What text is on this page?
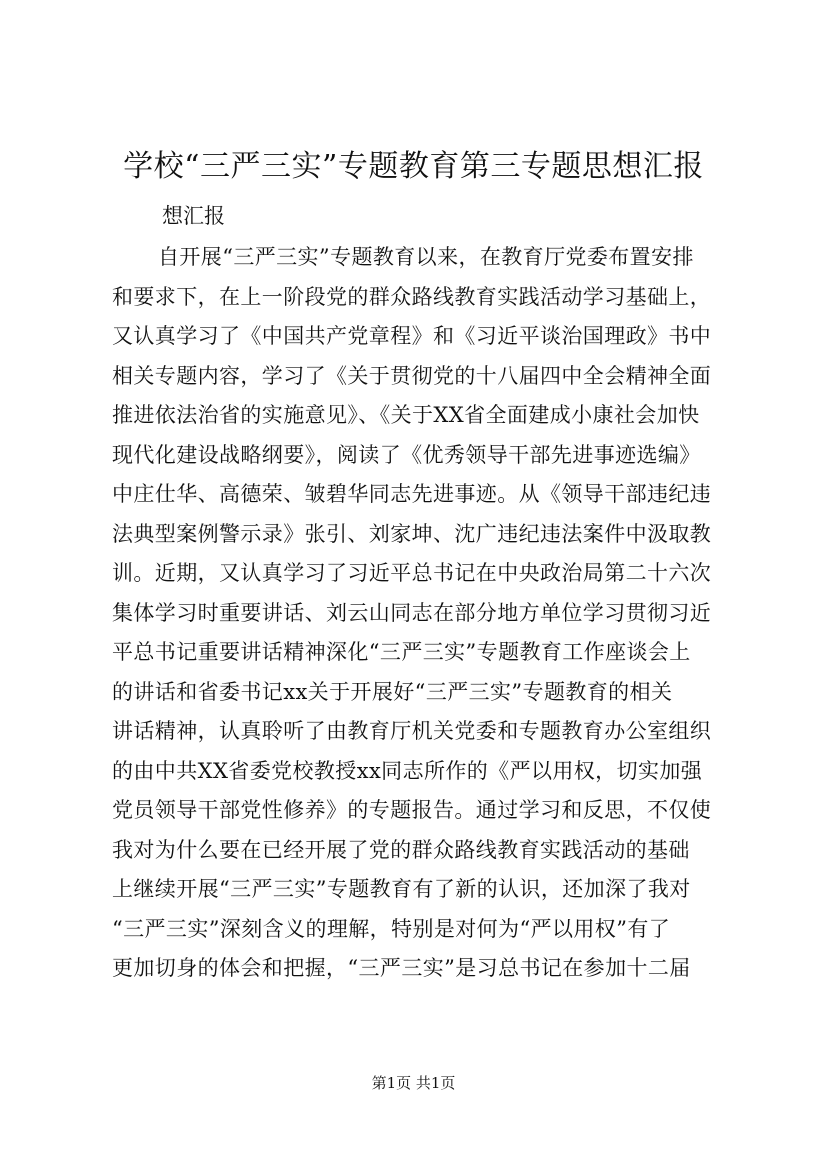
学校“三严三实”专题教育第三专题思想汇报

想汇报

自开展“三严三实”专题教育以来，在教育厅党委布置安排
和要求下，在上一阶段党的群众路线教育实践活动学习基础上，
又认真学习了《中国共产党章程》和《习近平谈治国理政》书中
相关专题内容，学习了《关于贯彻党的十八届四中全会精神全面
推进依法治省的实施意见》、《关于XX省全面建成小康社会加快
现代化建设战略纲要》，阅读了《优秀领导干部先进事迹选编》
中庄仕华、高德荣、皱碧华同志先进事迹。从《领导干部违纪违
法典型案例警示录》张引、刘家坤、沈广违纪违法案件中汲取教
训。近期，又认真学习了习近平总书记在中央政治局第二十六次
集体学习时重要讲话、刘云山同志在部分地方单位学习贯彻习近
平总书记重要讲话精神深化“三严三实”专题教育工作座谈会上
的讲话和省委书记xx关于开展好“三严三实”专题教育的相关
讲话精神，认真聆听了由教育厅机关党委和专题教育办公室组织
的由中共XX省委党校教授xx同志所作的《严以用权，切实加强
党员领导干部党性修养》的专题报告。通过学习和反思，不仅使
我对为什么要在已经开展了党的群众路线教育实践活动的基础
上继续开展“三严三实”专题教育有了新的认识，还加深了我对
“三严三实”深刻含义的理解，特别是对何为“严以用权”有了
更加切身的体会和把握，“三严三实”是习总书记在参加十二届
第1页 共1页
